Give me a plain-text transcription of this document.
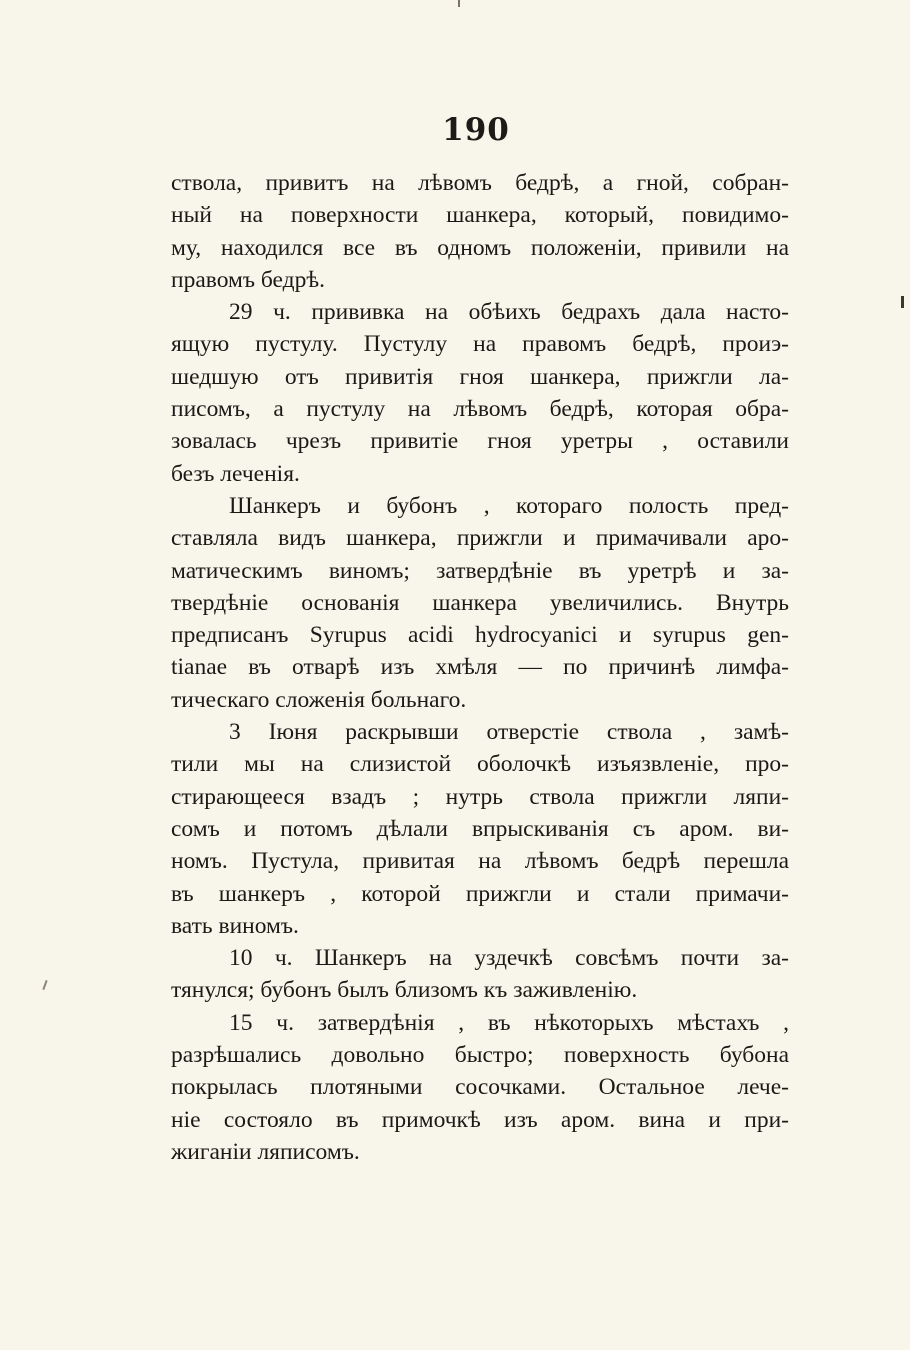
190
ствола, привитъ на лѣвомъ бедрѣ, а гной, собран-
ный на поверхности шанкера, который, повидимо-
му, находился все въ одномъ положенiи, привили на
правомъ бедрѣ.
29 ч. прививка на обѣихъ бедрахъ дала насто-
ящую пустулу. Пустулу на правомъ бедрѣ, проиэ-
шедшую отъ привитiя гноя шанкера, прижгли ла-
писомъ, а пустулу на лѣвомъ бедрѣ, которая обра-
зовалась чрезъ привитiе гноя уретры , оставили
безъ леченiя.
Шанкеръ и бубонъ , котораго полость пред-
ставляла видъ шанкера, прижгли и примачивали аро-
матическимъ виномъ; затвердѣнiе въ уретрѣ и за-
твердѣнiе основанiя шанкера увеличились. Внутрь
предписанъ Syrupus acidi hydrocyanici и syrupus gen-
tianae въ отварѣ изъ хмѣля — по причинѣ лимфа-
тическаго сложенiя больнаго.
3 Iюня раскрывши отверстiе ствола , замѣ-
тили мы на слизистой оболочкѣ изъязвленiе, про-
стирающееся взадъ ; нутрь ствола прижгли ляпи-
сомъ и потомъ дѣлали впрыскиванiя съ аром. ви-
номъ. Пустула, привитая на лѣвомъ бедрѣ перешла
въ шанкеръ , которой прижгли и стали примачи-
вать виномъ.
10 ч. Шанкеръ на уздечкѣ совсѣмъ почти за-
тянулся; бубонъ былъ близомъ къ заживленiю.
15 ч. затвердѣнiя , въ нѣкоторыхъ мѣстахъ ,
разрѣшались довольно быстро; поверхность бубона
покрылась плотяными сосочками. Остальное лече-
нiе состояло въ примочкѣ изъ аром. вина и при-
жиганiи ляписомъ.
